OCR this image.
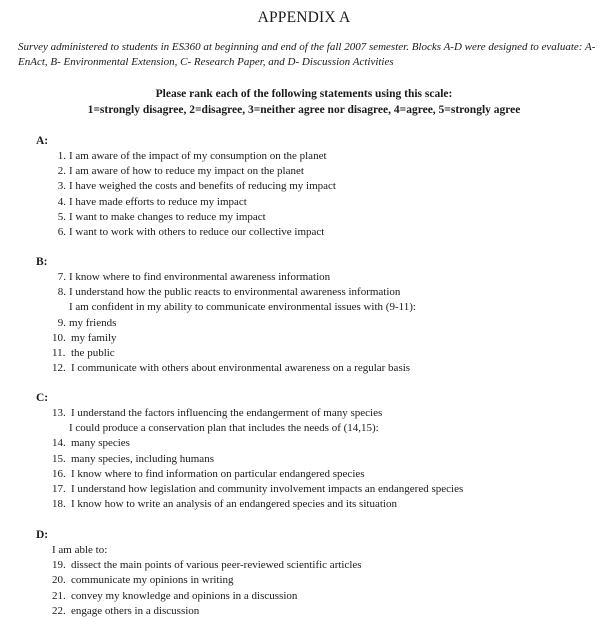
APPENDIX A
Survey administered to students in ES360 at beginning and end of the fall 2007 semester. Blocks A-D were designed to evaluate: A- EnAct, B- Environmental Extension, C- Research Paper, and D- Discussion Activities
Please rank each of the following statements using this scale:
1=strongly disagree, 2=disagree, 3=neither agree nor disagree, 4=agree, 5=strongly agree
A:
1. I am aware of the impact of my consumption on the planet
2. I am aware of how to reduce my impact on the planet
3. I have weighed the costs and benefits of reducing my impact
4. I have made efforts to reduce my impact
5. I want to make changes to reduce my impact
6. I want to work with others to reduce our collective impact
B:
7. I know where to find environmental awareness information
8. I understand how the public reacts to environmental awareness information
I am confident in my ability to communicate environmental issues with (9-11):
9. my friends
10. my family
11. the public
12. I communicate with others about environmental awareness on a regular basis
C:
13. I understand the factors influencing the endangerment of many species
I could produce a conservation plan that includes the needs of (14,15):
14. many species
15. many species, including humans
16. I know where to find information on particular endangered species
17. I understand how legislation and community involvement impacts an endangered species
18. I know how to write an analysis of an endangered species and its situation
D:
I am able to:
19. dissect the main points of various peer-reviewed scientific articles
20. communicate my opinions in writing
21. convey my knowledge and opinions in a discussion
22. engage others in a discussion
